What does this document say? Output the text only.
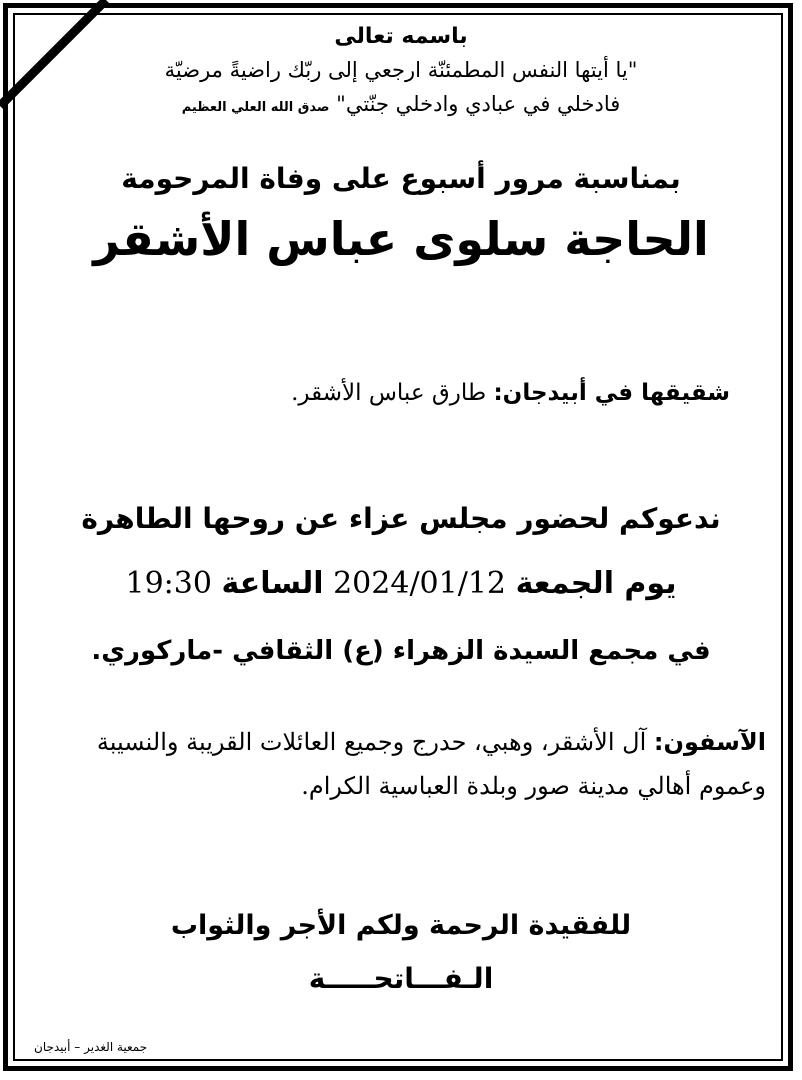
باسمه تعالى
"يا أيتها النفس المطمئنّة ارجعي إلى ربّك راضيةً مرضيّة
فادخلي في عبادي وادخلي جنّتي" صدق الله العلي العظيم
بمناسبة مرور أسبوع على وفاة المرحومة
الحاجة سلوى عباس الأشقر
شقيقها في أبيدجان: طارق عباس الأشقر.
ندعوكم لحضور مجلس عزاء عن روحها الطاهرة
يوم الجمعة 2024/01/12 الساعة 19:30
في مجمع السيدة الزهراء (ع) الثقافي -ماركوري.
الآسفون: آل الأشقر، وهبي، حدرج وجميع العائلات القريبة والنسيبة وعموم أهالي مدينة صور وبلدة العباسية الكرام.
للفقيدة الرحمة ولكم الأجر والثواب
الـفـــاتحـــــة
جمعية الغدير – أبيدجان
